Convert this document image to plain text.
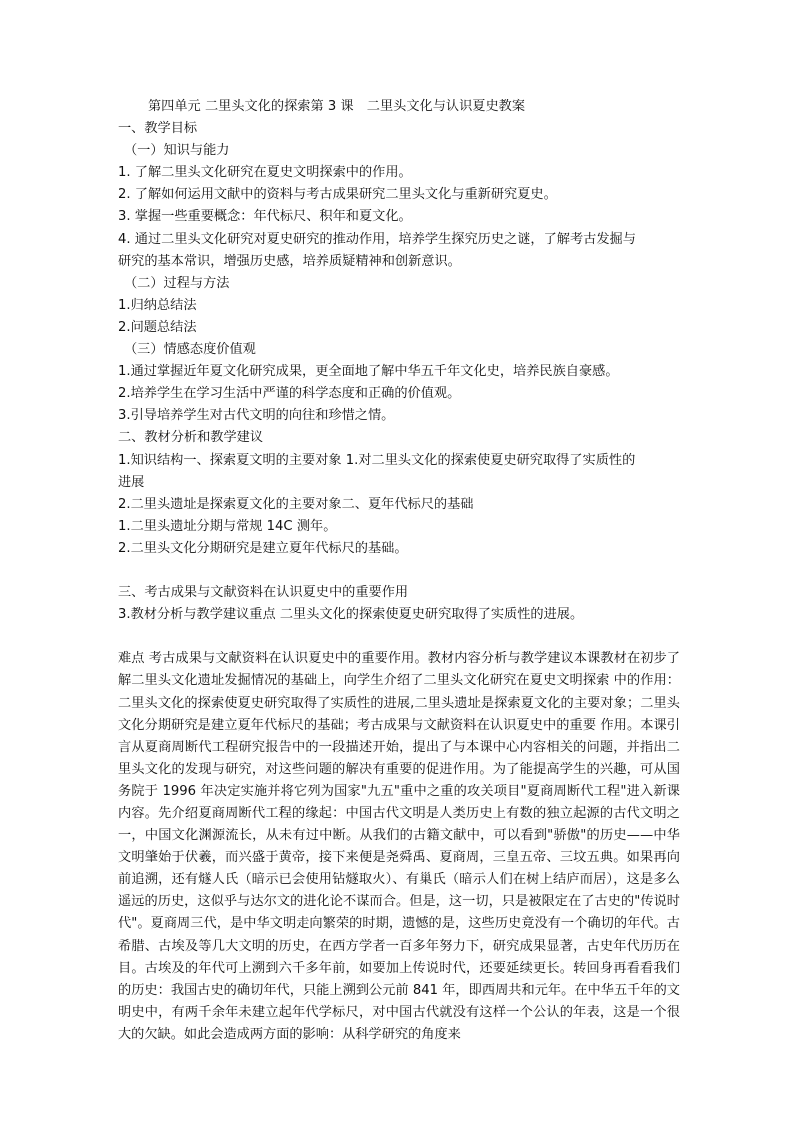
第四单元 二里头文化的探索第 3 课　二里头文化与认识夏史教案
一、教学目标
（一）知识与能力
1. 了解二里头文化研究在夏史文明探索中的作用。
2. 了解如何运用文献中的资料与考古成果研究二里头文化与重新研究夏史。
3. 掌握一些重要概念：年代标尺、积年和夏文化。
4. 通过二里头文化研究对夏史研究的推动作用，培养学生探究历史之谜，了解考古发掘与
研究的基本常识，增强历史感，培养质疑精神和创新意识。
（二）过程与方法
1.归纳总结法
2.问题总结法
（三）情感态度价值观
1.通过掌握近年夏文化研究成果，更全面地了解中华五千年文化史，培养民族自豪感。
2.培养学生在学习生活中严谨的科学态度和正确的价值观。
3.引导培养学生对古代文明的向往和珍惜之情。
二、教材分析和教学建议
1.知识结构一、探索夏文明的主要对象 1.对二里头文化的探索使夏史研究取得了实质性的
进展
2.二里头遗址是探索夏文化的主要对象二、夏年代标尺的基础
1.二里头遗址分期与常规 14C 测年。
2.二里头文化分期研究是建立夏年代标尺的基础。
三、考古成果与文献资料在认识夏史中的重要作用
3.教材分析与教学建议重点 二里头文化的探索使夏史研究取得了实质性的进展。
难点 考古成果与文献资料在认识夏史中的重要作用。教材内容分析与教学建议本课教材在初步了解二里头文化遗址发掘情况的基础上，向学生介绍了二里头文化研究在夏史文明探索 中的作用：二里头文化的探索使夏史研究取得了实质性的进展,二里头遗址是探索夏文化的主要对象；二里头文化分期研究是建立夏年代标尺的基础；考古成果与文献资料在认识夏史中的重要 作用。本课引言从夏商周断代工程研究报告中的一段描述开始，提出了与本课中心内容相关的问题，并指出二里头文化的发现与研究，对这些问题的解决有重要的促进作用。为了能提高学生的兴趣，可从国务院于 1996 年决定实施并将它列为国家"九五"重中之重的攻关项目"夏商周断代工程"进入新课内容。先介绍夏商周断代工程的缘起：中国古代文明是人类历史上有数的独立起源的古代文明之一，中国文化渊源流长，从未有过中断。从我们的古籍文献中，可以看到"骄傲"的历史——中华文明肇始于伏羲，而兴盛于黄帝，接下来便是尧舜禹、夏商周，三皇五帝、三坟五典。如果再向前追溯，还有燧人氏（暗示已会使用钻燧取火）、有巢氏（暗示人们在树上结庐而居），这是多么遥远的历史，这似乎与达尔文的进化论不谋而合。但是，这一切，只是被限定在了古史的"传说时代"。夏商周三代，是中华文明走向繁荣的时期，遗憾的是，这些历史竟没有一个确切的年代。古希腊、古埃及等几大文明的历史，在西方学者一百多年努力下，研究成果显著，古史年代历历在目。古埃及的年代可上溯到六千多年前，如要加上传说时代，还要延续更长。转回身再看看我们的历史：我国古史的确切年代，只能上溯到公元前 841 年，即西周共和元年。在中华五千年的文明史中，有两千余年未建立起年代学标尺，对中国古代就没有这样一个公认的年表，这是一个很大的欠缺。如此会造成两方面的影响：从科学研究的角度来
